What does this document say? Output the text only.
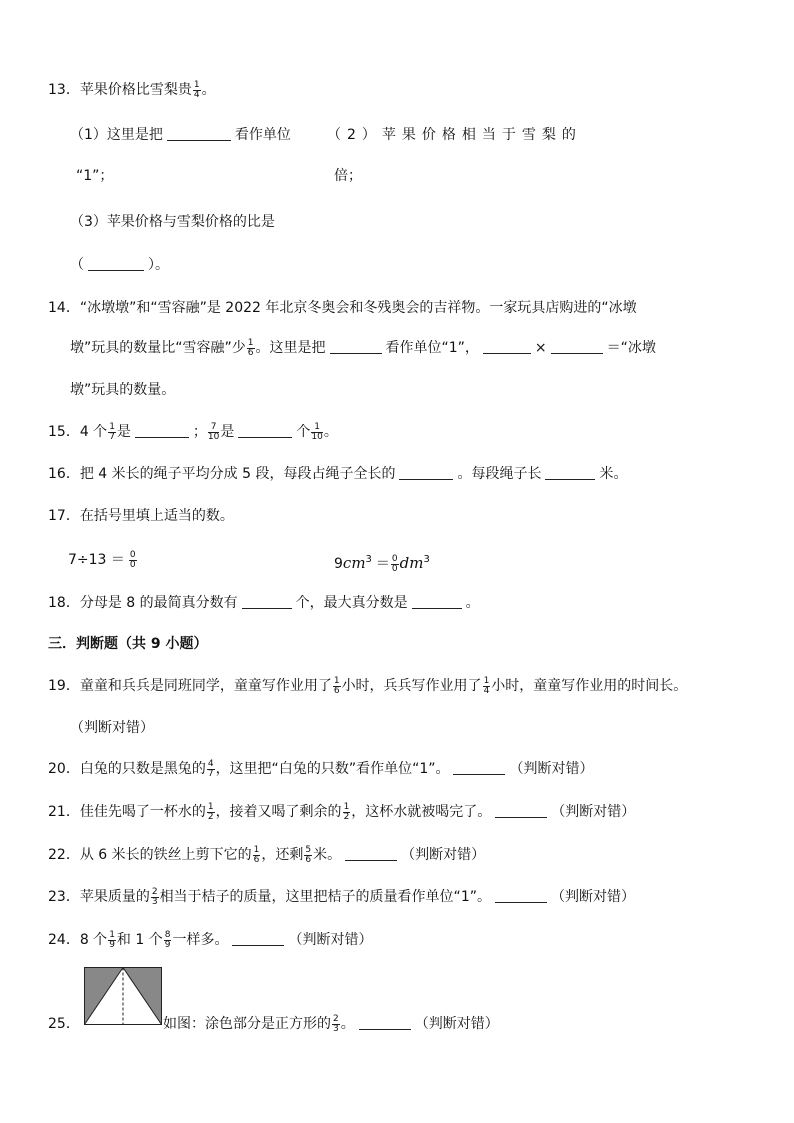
13．苹果价格比雪梨贵 $\frac{1}{4}$ 。
（1）这里是把	看作单位	（2）苹果价格相当于雪梨的
“1”；	倍；
（3）苹果价格与雪梨价格的比是
（	）。
14．“冰墩墩”和“雪容融”是 2022 年北京冬奥会和冬残奥会的吉祥物。一家玩具店购进的“冰墩
墩”玩具的数量比“雪容融”少 $\frac{1}{6}$ 。这里是把	看作单位“1”，	×	＝“冰墩
墩”玩具的数量。
15．4 个 $\frac{1}{7}$ 是	； $\frac{7}{10}$ 是	个 $\frac{1}{10}$ 。
16．把 4 米长的绳子平均分成 5 段，每段占绳子全长的	。每段绳子长	米。
17．在括号里填上适当的数。
$7\div 13 = \frac{0}{0}$	$9cm^3 = \frac{0}{0} dm^3$
18．分母是 8 的最简真分数有	个，最大真分数是	。
三．判断题（共 9 小题）
19．童童和兵兵是同班同学，童童写作业用了 $\frac{1}{6}$ 小时，兵兵写作业用了 $\frac{1}{4}$ 小时，童童写作业用的时间长。
（判断对错）
20．白兔的只数是黑兔的 $\frac{4}{7}$ ，这里把“白兔的只数”看作单位“1”。	（判断对错）
21．佳佳先喝了一杯水的 $\frac{1}{2}$ ，接着又喝了剩余的 $\frac{1}{2}$ ，这杯水就被喝完了。	（判断对错）
22．从 6 米长的铁丝上剪下它的 $\frac{1}{6}$ ，还剩 $\frac{5}{6}$ 米。	（判断对错）
23．苹果质量的 $\frac{2}{3}$ 相当于桔子的质量，这里把桔子的质量看作单位“1”。	（判断对错）
24．8 个 $\frac{1}{9}$ 和 1 个 $\frac{8}{9}$ 一样多。	（判断对错）
25．	如图：涂色部分是正方形的 $\frac{2}{3}$ 。	（判断对错）
